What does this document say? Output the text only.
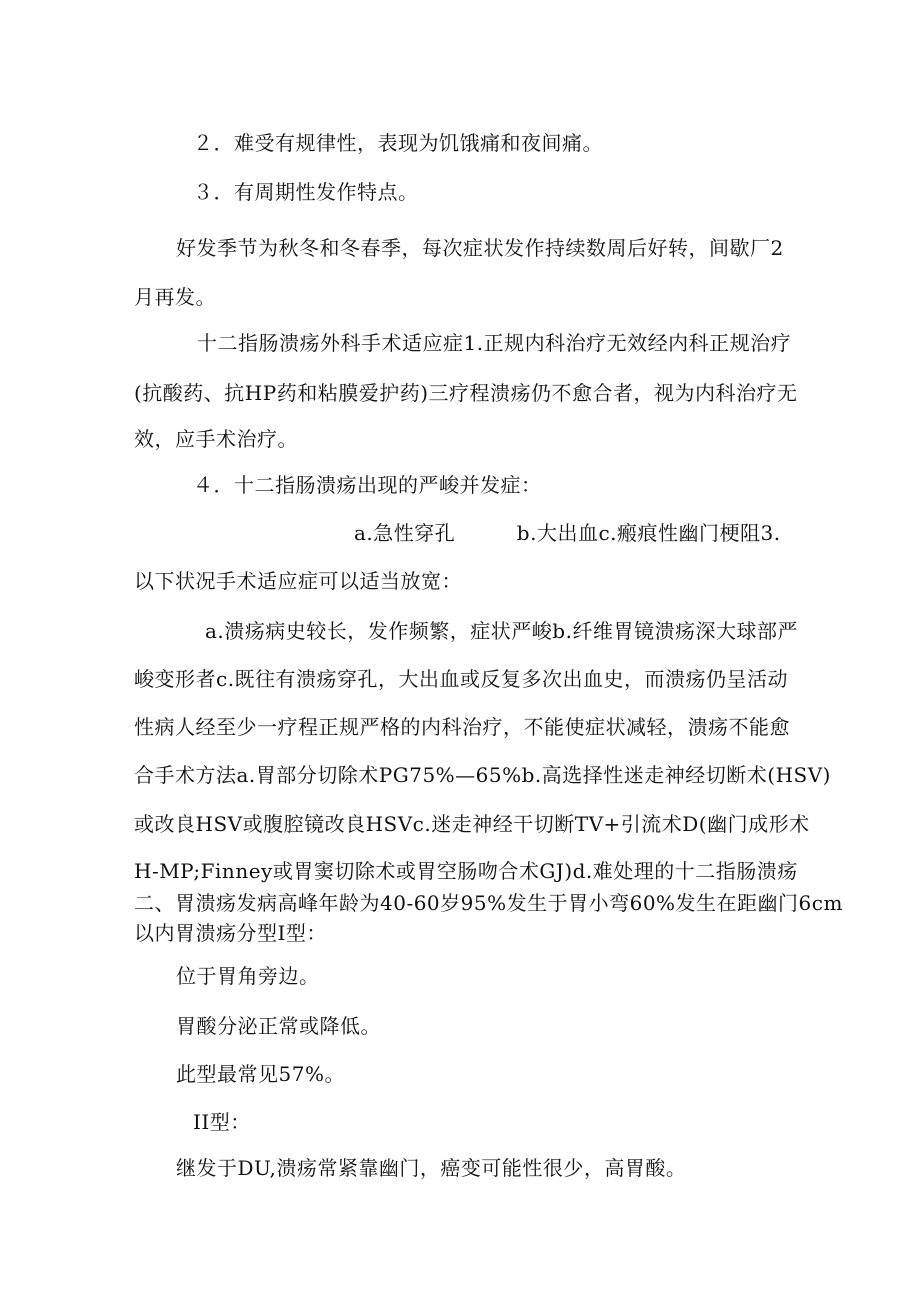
２．难受有规律性，表现为饥饿痛和夜间痛。
３．有周期性发作特点。
好发季节为秋冬和冬春季，每次症状发作持续数周后好转，间歇厂2
月再发。
十二指肠溃疡外科手术适应症1.正规内科治疗无效经内科正规治疗
(抗酸药、抗HP药和粘膜爱护药)三疗程溃疡仍不愈合者，视为内科治疗无
效，应手术治疗。
４．十二指肠溃疡出现的严峻并发症：
a.急性穿孔　　　b.大出血c.瘢痕性幽门梗阻3.
以下状况手术适应症可以适当放宽：
a.溃疡病史较长，发作频繁，症状严峻b.纤维胃镜溃疡深大球部严
峻变形者c.既往有溃疡穿孔，大出血或反复多次出血史，而溃疡仍呈活动
性病人经至少一疗程正规严格的内科治疗，不能使症状减轻，溃疡不能愈
合手术方法a.胃部分切除术PG75%—65%b.高选择性迷走神经切断术(HSV)
或改良HSV或腹腔镜改良HSVc.迷走神经干切断TV+引流术D(幽门成形术
H-MP;Finney或胃窦切除术或胃空肠吻合术GJ)d.难处理的十二指肠溃疡
二、胃溃疡发病高峰年龄为40-60岁95%发生于胃小弯60%发生在距幽门6cm
以内胃溃疡分型I型：
位于胃角旁边。
胃酸分泌正常或降低。
此型最常见57%。
II型：
继发于DU,溃疡常紧靠幽门，癌变可能性很少，高胃酸。
